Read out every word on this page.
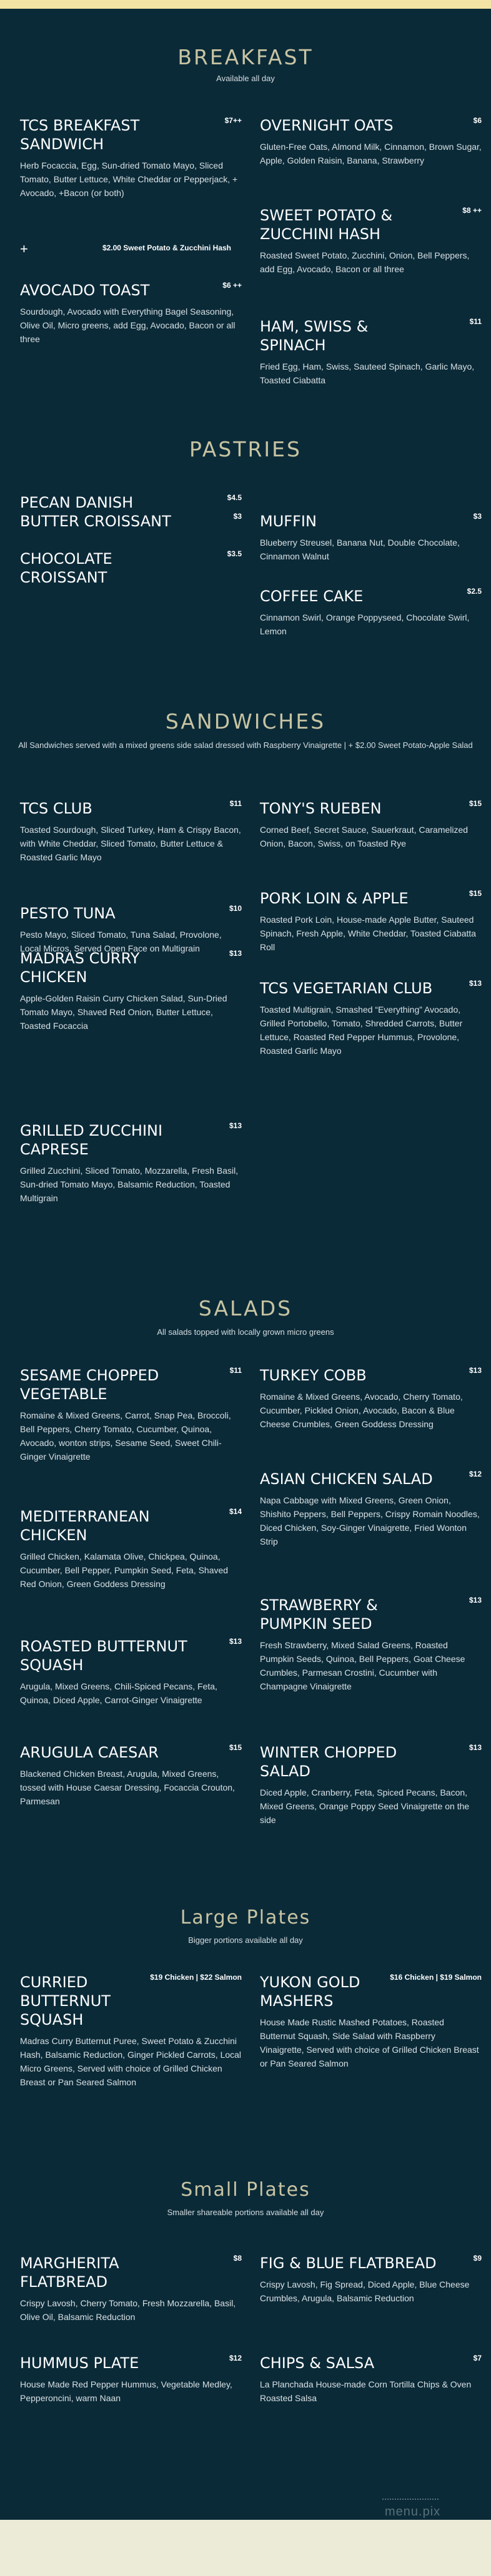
BREAKFAST
Available all day
TCS BREAKFAST SANDWICH
$7++
Herb Focaccia, Egg, Sun-dried Tomato Mayo, Sliced Tomato, Butter Lettuce, White Cheddar or Pepperjack, + Avocado, +Bacon (or both)
+	$2.00 Sweet Potato & Zucchini Hash
AVOCADO TOAST	$6 ++
Sourdough, Avocado with Everything Bagel Seasoning, Olive Oil, Micro greens, add Egg, Avocado, Bacon or all three
OVERNIGHT OATS	$6
Gluten-Free Oats, Almond Milk, Cinnamon, Brown Sugar, Apple, Golden Raisin, Banana, Strawberry
SWEET POTATO & ZUCCHINI HASH
$8 ++
Roasted Sweet Potato, Zucchini, Onion, Bell Peppers, add Egg, Avocado, Bacon or all three
HAM, SWISS & SPINACH
$11
Fried Egg, Ham, Swiss, Sauteed Spinach, Garlic Mayo, Toasted Ciabatta
PASTRIES
PECAN DANISH	$4.5
BUTTER CROISSANT	$3
CHOCOLATE CROISSANT
$3.5
MUFFIN	$3
Blueberry Streusel, Banana Nut, Double Chocolate, Cinnamon Walnut
COFFEE CAKE	$2.5
Cinnamon Swirl, Orange Poppyseed, Chocolate Swirl, Lemon
SANDWICHES
All Sandwiches served with a mixed greens side salad dressed with Raspberry Vinaigrette | + $2.00 Sweet Potato-Apple Salad
TCS CLUB	$11
Toasted Sourdough, Sliced Turkey, Ham & Crispy Bacon, with White Cheddar, Sliced Tomato, Butter Lettuce & Roasted Garlic Mayo
PESTO TUNA	$10
Pesto Mayo, Sliced Tomato, Tuna Salad, Provolone, Local Micros, Served Open Face on Multigrain
MADRAS CURRY CHICKEN
$13
Apple-Golden Raisin Curry Chicken Salad, Sun-Dried Tomato Mayo, Shaved Red Onion, Butter Lettuce, Toasted Focaccia
GRILLED ZUCCHINI CAPRESE
$13
Grilled Zucchini, Sliced Tomato, Mozzarella, Fresh Basil, Sun-dried Tomato Mayo, Balsamic Reduction, Toasted Multigrain
TONY'S RUEBEN	$15
Corned Beef, Secret Sauce, Sauerkraut, Caramelized Onion, Bacon, Swiss, on Toasted Rye
PORK LOIN & APPLE	$15
Roasted Pork Loin, House-made Apple Butter, Sauteed Spinach, Fresh Apple, White Cheddar, Toasted Ciabatta Roll
TCS VEGETARIAN CLUB	$13
Toasted Multigrain, Smashed “Everything” Avocado, Grilled Portobello, Tomato, Shredded Carrots, Butter Lettuce, Roasted Red Pepper Hummus, Provolone, Roasted Garlic Mayo
SALADS
All salads topped with locally grown micro greens
SESAME CHOPPED VEGETABLE
$11
Romaine & Mixed Greens, Carrot, Snap Pea, Broccoli, Bell Peppers, Cherry Tomato, Cucumber, Quinoa, Avocado, wonton strips, Sesame Seed, Sweet Chili-Ginger Vinaigrette
MEDITERRANEAN CHICKEN
$14
Grilled Chicken, Kalamata Olive, Chickpea, Quinoa, Cucumber, Bell Pepper, Pumpkin Seed, Feta, Shaved Red Onion, Green Goddess Dressing
ROASTED BUTTERNUT SQUASH
$13
Arugula, Mixed Greens, Chili-Spiced Pecans, Feta, Quinoa, Diced Apple, Carrot-Ginger Vinaigrette
ARUGULA CAESAR	$15
Blackened Chicken Breast, Arugula, Mixed Greens, tossed with House Caesar Dressing, Focaccia Crouton, Parmesan
TURKEY COBB	$13
Romaine & Mixed Greens, Avocado, Cherry Tomato, Cucumber, Pickled Onion, Avocado, Bacon & Blue Cheese Crumbles, Green Goddess Dressing
ASIAN CHICKEN SALAD	$12
Napa Cabbage with Mixed Greens, Green Onion, Shishito Peppers, Bell Peppers, Crispy Romain Noodles, Diced Chicken, Soy-Ginger Vinaigrette, Fried Wonton Strip
STRAWBERRY & PUMPKIN SEED
$13
Fresh Strawberry, Mixed Salad Greens, Roasted Pumpkin Seeds, Quinoa, Bell Peppers, Goat Cheese Crumbles, Parmesan Crostini, Cucumber with Champagne Vinaigrette
WINTER CHOPPED SALAD
$13
Diced Apple, Cranberry, Feta, Spiced Pecans, Bacon, Mixed Greens, Orange Poppy Seed Vinaigrette on the side
Large Plates
Bigger portions available all day
CURRIED BUTTERNUT SQUASH
$19 Chicken | $22 Salmon
Madras Curry Butternut Puree, Sweet Potato & Zucchini Hash, Balsamic Reduction, Ginger Pickled Carrots, Local Micro Greens, Served with choice of Grilled Chicken Breast or Pan Seared Salmon
YUKON GOLD MASHERS
$16 Chicken | $19 Salmon
House Made Rustic Mashed Potatoes, Roasted Butternut Squash, Side Salad with Raspberry Vinaigrette, Served with choice of Grilled Chicken Breast or Pan Seared Salmon
Small Plates
Smaller shareable portions available all day
MARGHERITA FLATBREAD
$8
Crispy Lavosh, Cherry Tomato, Fresh Mozzarella, Basil, Olive Oil, Balsamic Reduction
HUMMUS PLATE	$12
House Made Red Pepper Hummus, Vegetable Medley, Pepperoncini, warm Naan
FIG & BLUE FLATBREAD	$9
Crispy Lavosh, Fig Spread, Diced Apple, Blue Cheese Crumbles, Arugula, Balsamic Reduction
CHIPS & SALSA	$7
La Planchada House-made Corn Tortilla Chips & Oven Roasted Salsa
menu.pix
